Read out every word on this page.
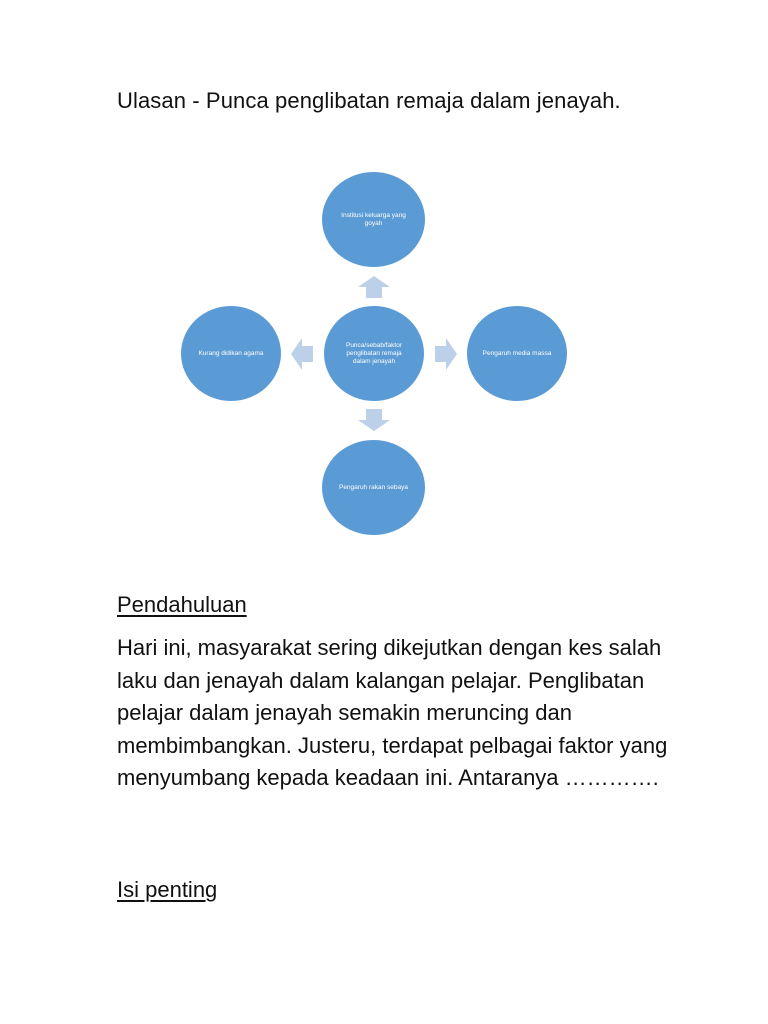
Ulasan - Punca penglibatan remaja dalam jenayah.
Punca/sebab/faktor penglibatan remaja dalam jenayah
Institusi keluarga yang goyah
Pengaruh media massa
Pengaruh rakan sebaya
Kurang didikan agama
Pendahuluan

Hari ini, masyarakat sering dikejutkan dengan kes salah laku dan jenayah dalam kalangan pelajar. Penglibatan pelajar dalam jenayah semakin meruncing dan membimbangkan. Justeru, terdapat pelbagai faktor yang menyumbang kepada keadaan ini. Antaranya ………….

Isi penting
